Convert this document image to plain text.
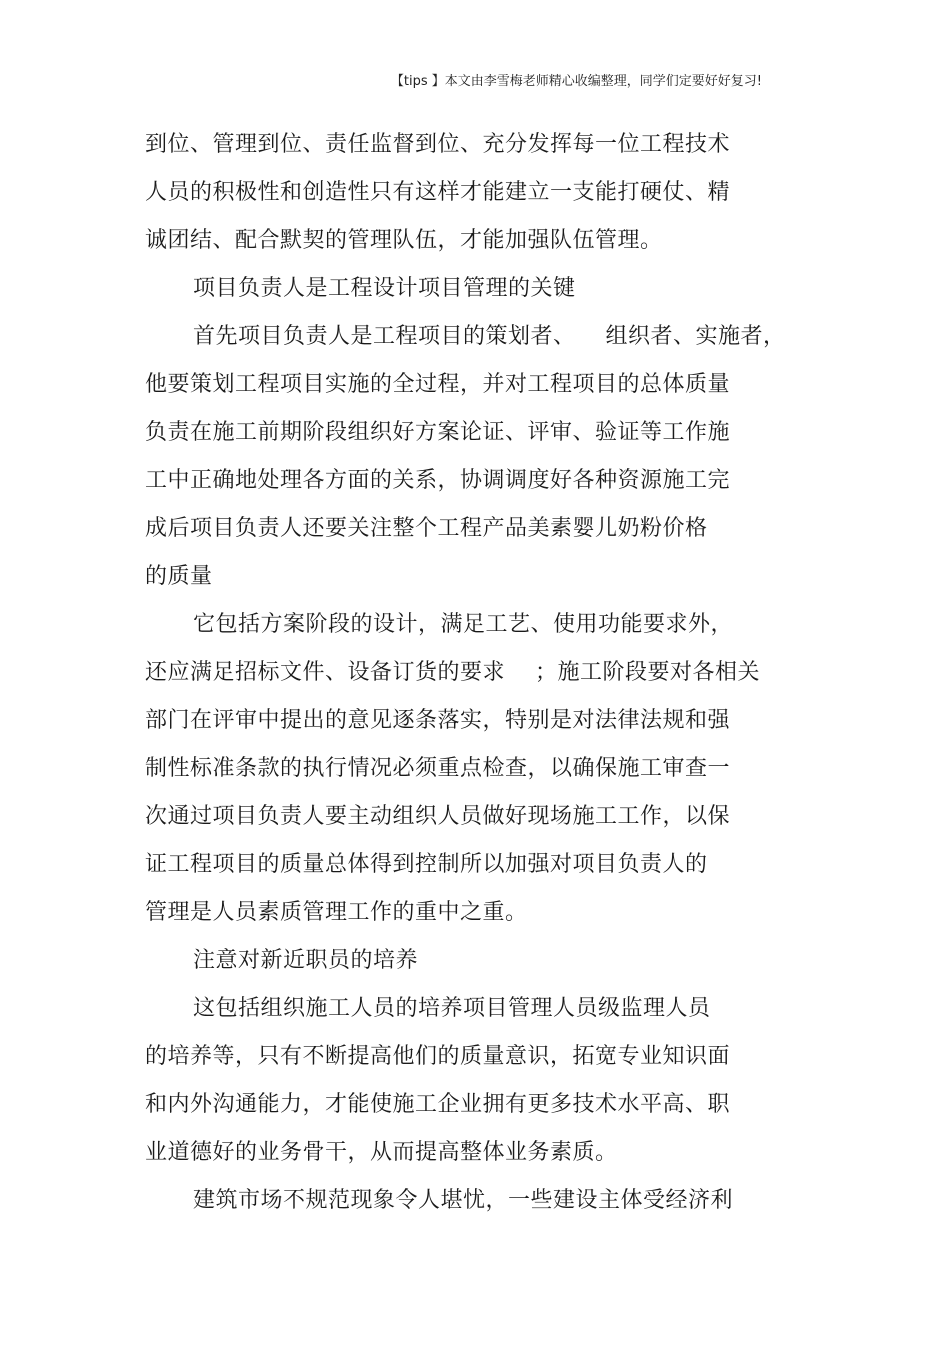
【tips 】本文由李雪梅老师精心收编整理，同学们定要好好复习!
到位、管理到位、责任监督到位、充分发挥每一位工程技术
人员的积极性和创造性只有这样才能建立一支能打硬仗、精
诚团结、配合默契的管理队伍，才能加强队伍管理。
项目负责人是工程设计项目管理的关键
首先项目负责人是工程项目的策划者、    组织者、实施者，
他要策划工程项目实施的全过程，并对工程项目的总体质量
负责在施工前期阶段组织好方案论证、评审、验证等工作施
工中正确地处理各方面的关系，协调调度好各种资源施工完
成后项目负责人还要关注整个工程产品美素婴儿奶粉价格
的质量
它包括方案阶段的设计，满足工艺、使用功能要求外，
还应满足招标文件、设备订货的要求    ；施工阶段要对各相关
部门在评审中提出的意见逐条落实，特别是对法律法规和强
制性标准条款的执行情况必须重点检查，以确保施工审查一
次通过项目负责人要主动组织人员做好现场施工工作，以保
证工程项目的质量总体得到控制所以加强对项目负责人的
管理是人员素质管理工作的重中之重。
注意对新近职员的培养
这包括组织施工人员的培养项目管理人员级监理人员
的培养等，只有不断提高他们的质量意识，拓宽专业知识面
和内外沟通能力，才能使施工企业拥有更多技术水平高、职
业道德好的业务骨干，从而提高整体业务素质。
建筑市场不规范现象令人堪忧，一些建设主体受经济利
